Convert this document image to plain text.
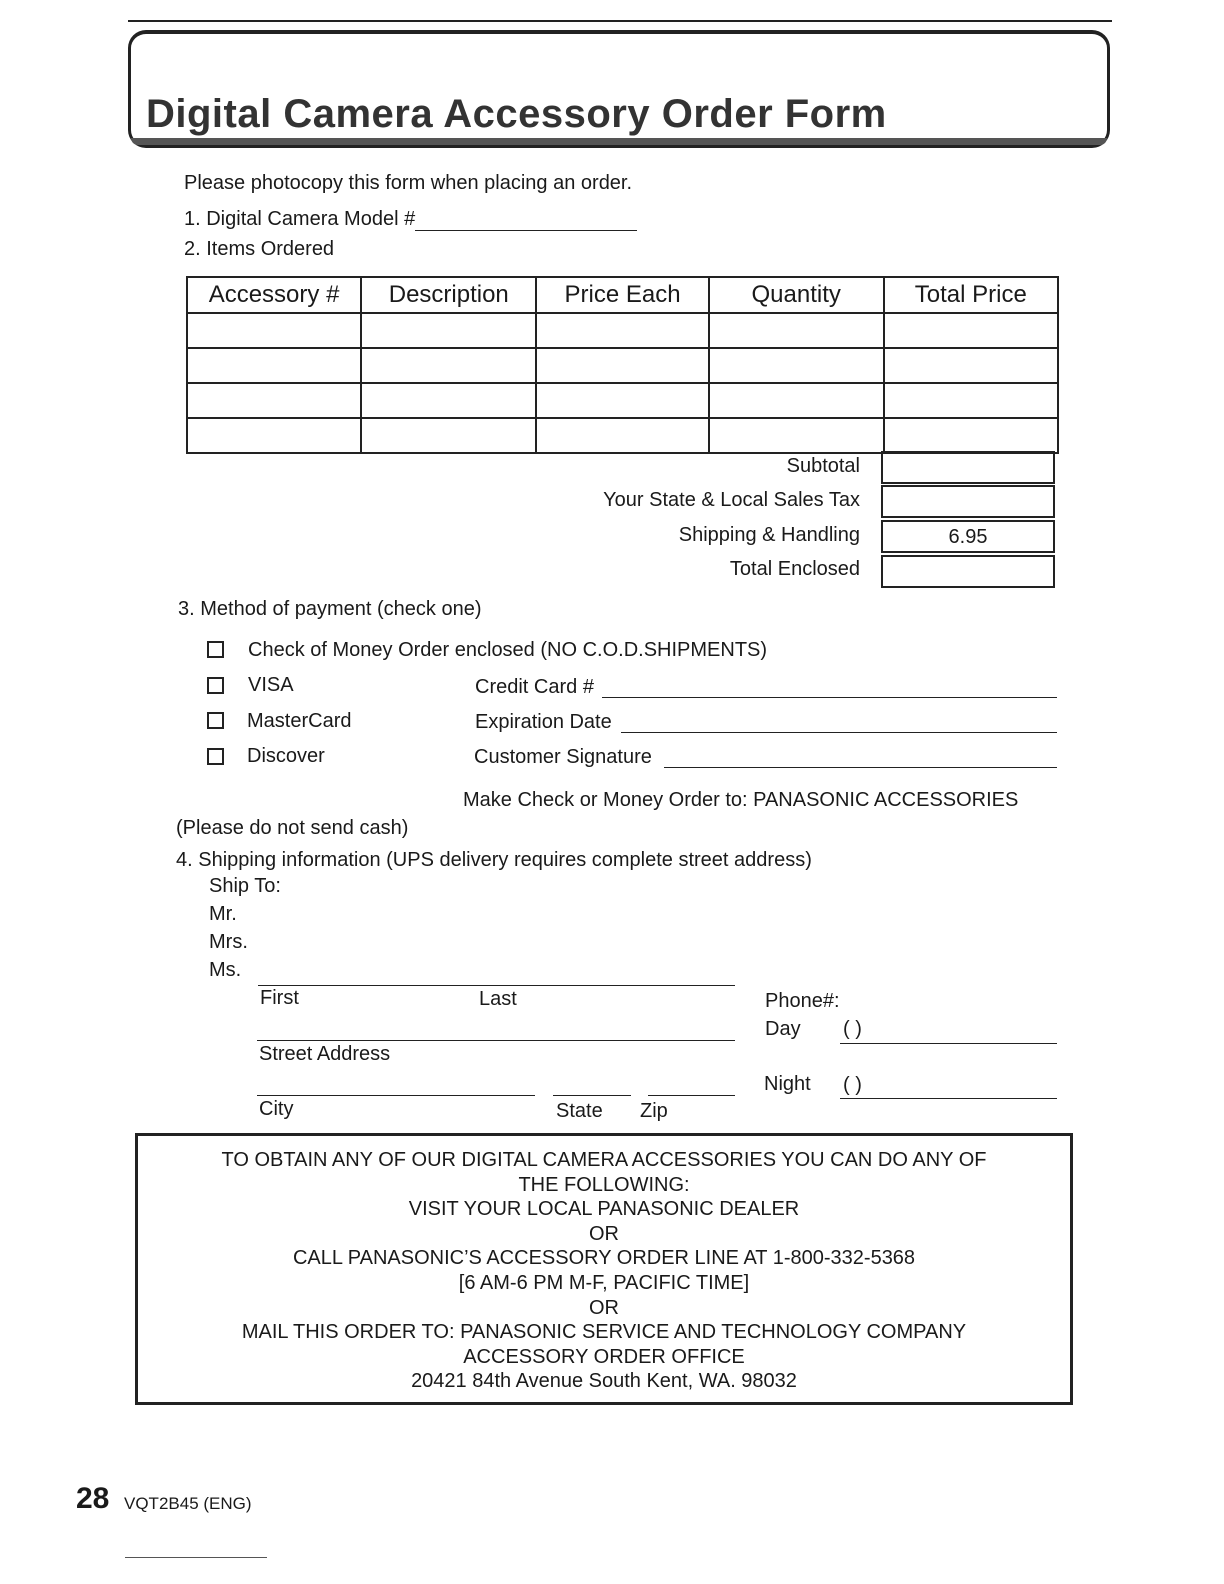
Digital Camera Accessory Order Form
Please photocopy this form when placing an order.
1. Digital Camera Model #
2. Items Ordered
Accessory #	Description	Price Each	Quantity	Total Price

Subtotal
Your State & Local Sales Tax
Shipping & Handling	6.95
Total Enclosed
3. Method of payment (check one)
Check of Money Order enclosed (NO C.O.D.SHIPMENTS)
VISA	Credit Card #
MasterCard	Expiration Date
Discover	Customer Signature
Make Check or Money Order to: PANASONIC ACCESSORIES
(Please do not send cash)
4. Shipping information (UPS delivery requires complete street address)
Ship To:
Mr.
Mrs.
Ms.
First	Last	Phone#:
Day ( )
Street Address
Night ( )
City	State Zip
TO OBTAIN ANY OF OUR DIGITAL CAMERA ACCESSORIES YOU CAN DO ANY OF
THE FOLLOWING:
VISIT YOUR LOCAL PANASONIC DEALER
OR
CALL PANASONIC’S ACCESSORY ORDER LINE AT 1-800-332-5368
[6 AM-6 PM M-F, PACIFIC TIME]
OR
MAIL THIS ORDER TO: PANASONIC SERVICE AND TECHNOLOGY COMPANY
ACCESSORY ORDER OFFICE
20421 84th Avenue South Kent, WA. 98032
28 VQT2B45 (ENG)
